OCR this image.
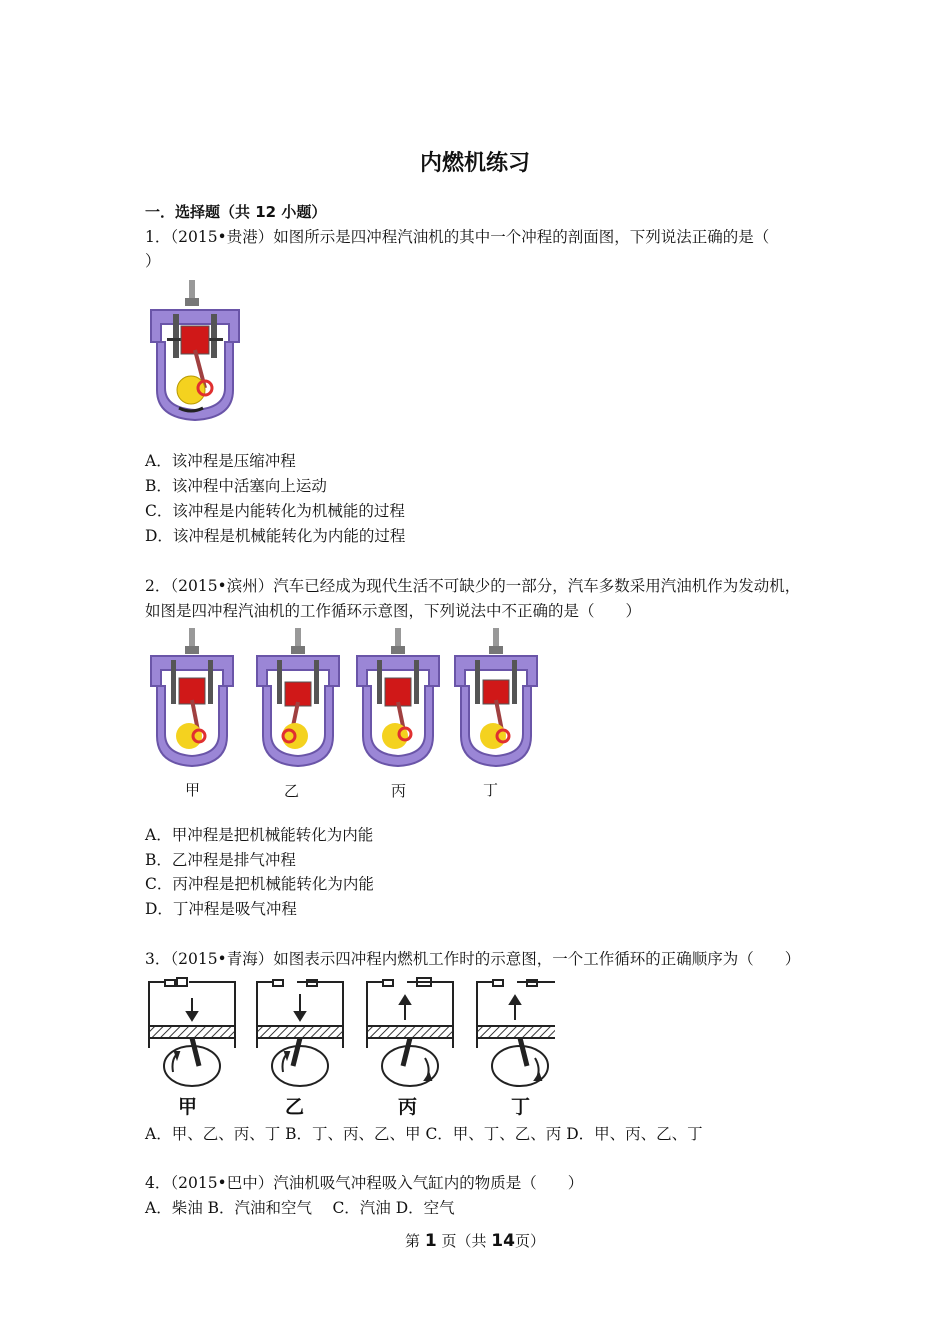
内燃机练习
一．选择题（共 12 小题）
1．（2015•贵港）如图所示是四冲程汽油机的其中一个冲程的剖面图，下列说法正确的是（
）
A．该冲程是压缩冲程
B．该冲程中活塞向上运动
C．该冲程是内能转化为机械能的过程
D．该冲程是机械能转化为内能的过程
2．（2015•滨州）汽车已经成为现代生活不可缺少的一部分，汽车多数采用汽油机作为发动机，
如图是四冲程汽油机的工作循环示意图，下列说法中不正确的是（　　）
甲	乙	丙	丁
A．甲冲程是把机械能转化为内能
B．乙冲程是排气冲程
C．丙冲程是把机械能转化为内能
D．丁冲程是吸气冲程
3．（2015•青海）如图表示四冲程内燃机工作时的示意图，一个工作循环的正确顺序为（　　）
甲	乙	丙	丁
A．甲、乙、丙、丁 B．丁、丙、乙、甲 C．甲、丁、乙、丙 D．甲、丙、乙、丁
4．（2015•巴中）汽油机吸气冲程吸入气缸内的物质是（　　）
A．柴油 B．汽油和空气　 C．汽油 D．空气
第 1 页（共 14页）
